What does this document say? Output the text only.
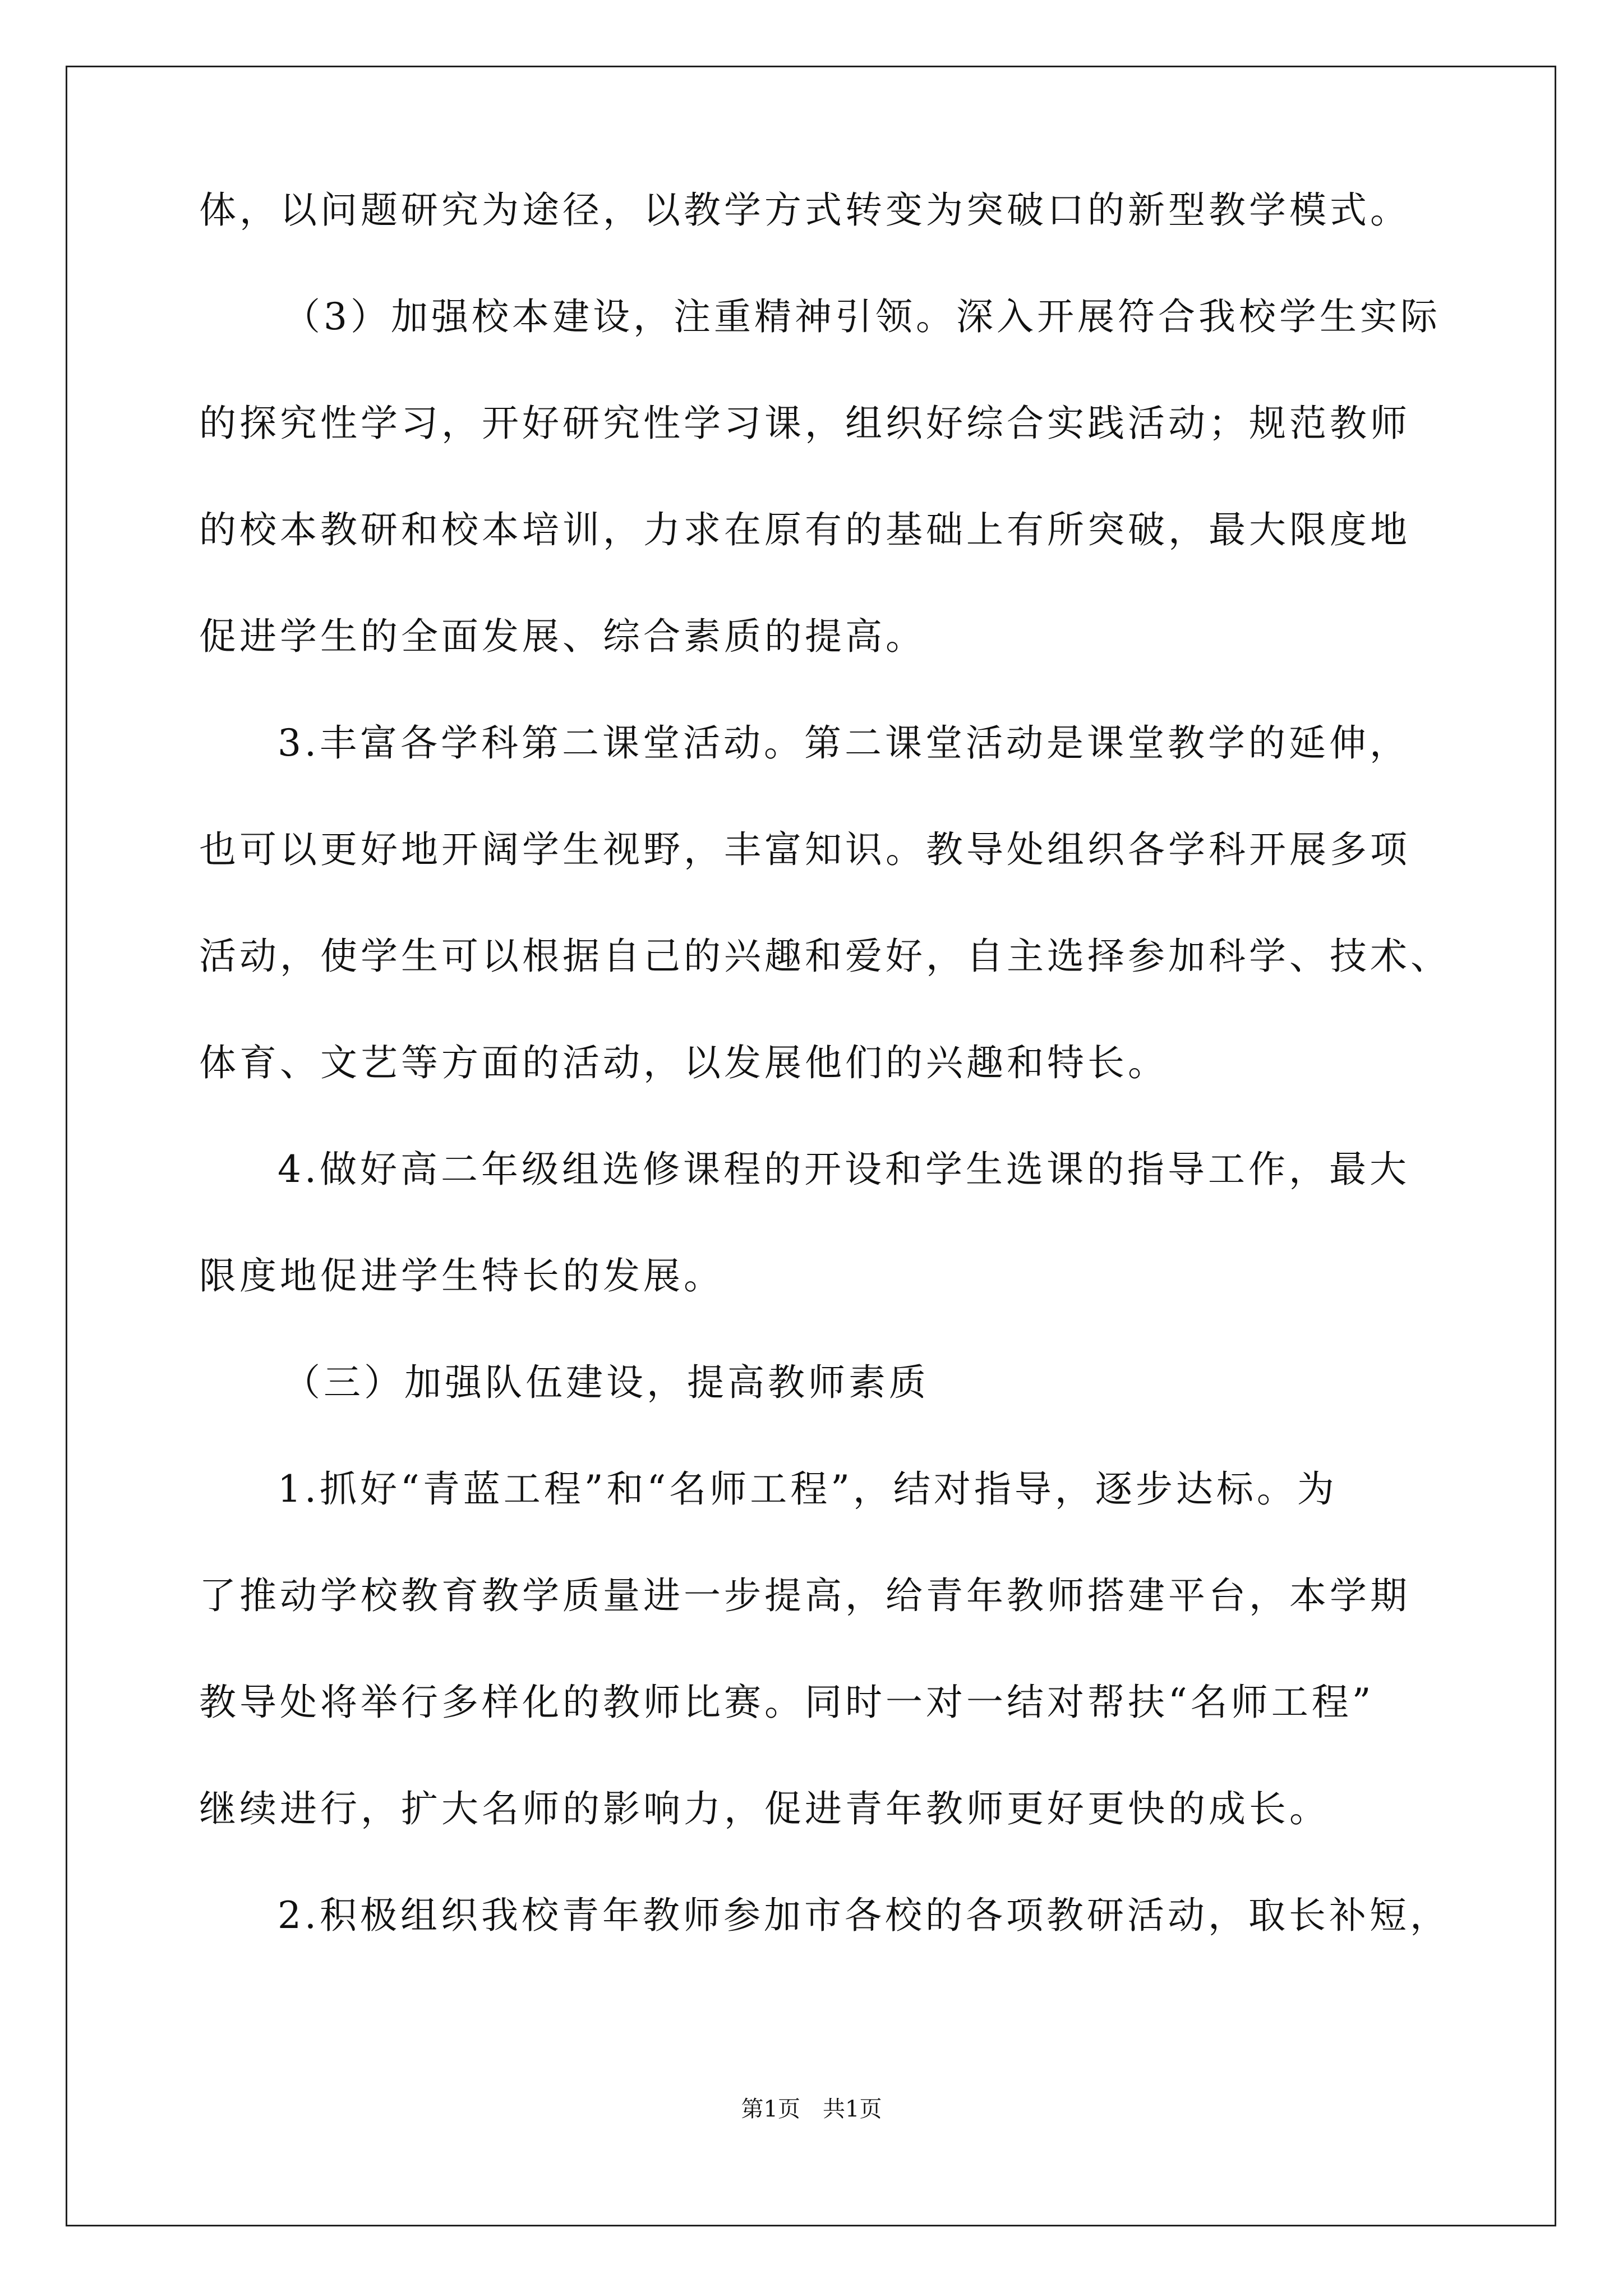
体，以问题研究为途径，以教学方式转变为突破口的新型教学模式。
（3）加强校本建设，注重精神引领。深入开展符合我校学生实际
的探究性学习，开好研究性学习课，组织好综合实践活动；规范教师
的校本教研和校本培训，力求在原有的基础上有所突破，最大限度地
促进学生的全面发展、综合素质的提高。
3.丰富各学科第二课堂活动。第二课堂活动是课堂教学的延伸，
也可以更好地开阔学生视野，丰富知识。教导处组织各学科开展多项
活动，使学生可以根据自己的兴趣和爱好，自主选择参加科学、技术、
体育、文艺等方面的活动，以发展他们的兴趣和特长。
4.做好高二年级组选修课程的开设和学生选课的指导工作，最大
限度地促进学生特长的发展。
（三）加强队伍建设，提高教师素质
1.抓好“青蓝工程”和“名师工程”，结对指导，逐步达标。为
了推动学校教育教学质量进一步提高，给青年教师搭建平台，本学期
教导处将举行多样化的教师比赛。同时一对一结对帮扶“名师工程”
继续进行，扩大名师的影响力，促进青年教师更好更快的成长。
2.积极组织我校青年教师参加市各校的各项教研活动，取长补短，
第1页　共1页
